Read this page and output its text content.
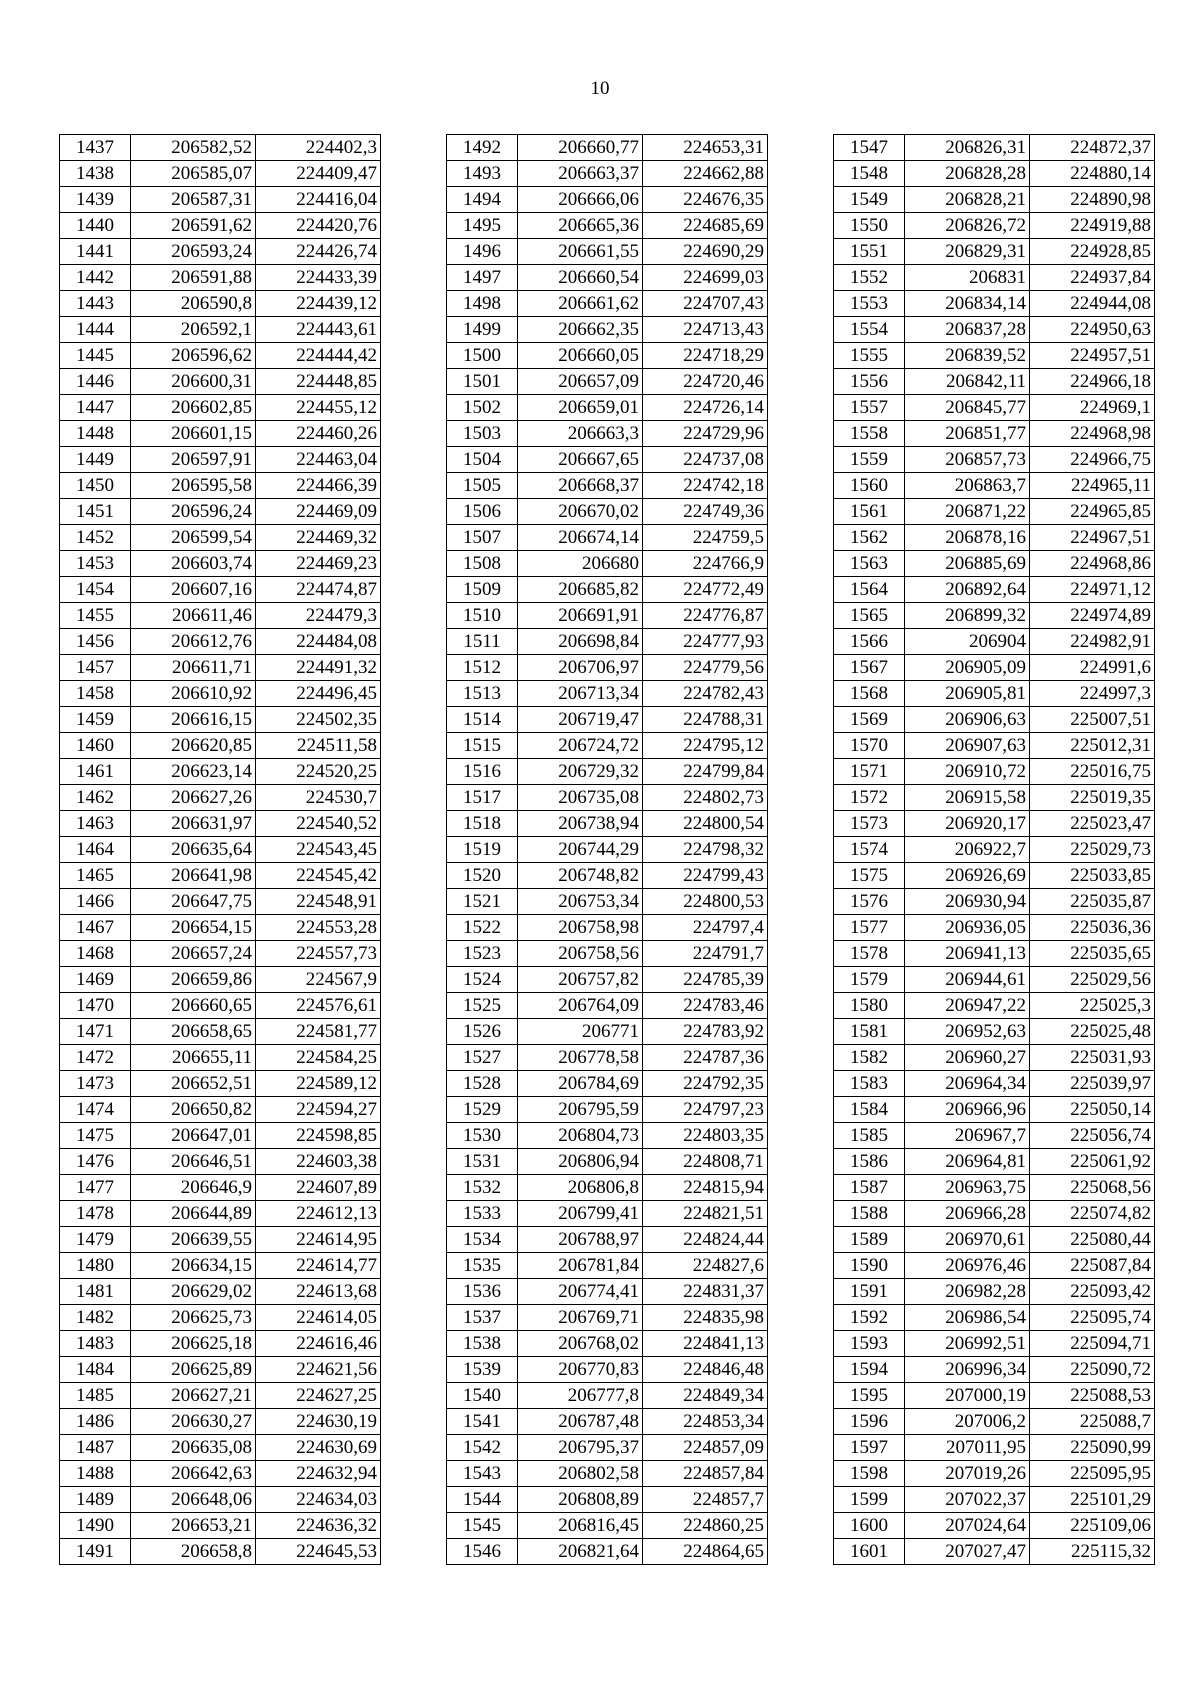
10
1437	206582,52	224402,3
1438	206585,07	224409,47
1439	206587,31	224416,04
1440	206591,62	224420,76
1441	206593,24	224426,74
1442	206591,88	224433,39
1443	206590,8	224439,12
1444	206592,1	224443,61
1445	206596,62	224444,42
1446	206600,31	224448,85
1447	206602,85	224455,12
1448	206601,15	224460,26
1449	206597,91	224463,04
1450	206595,58	224466,39
1451	206596,24	224469,09
1452	206599,54	224469,32
1453	206603,74	224469,23
1454	206607,16	224474,87
1455	206611,46	224479,3
1456	206612,76	224484,08
1457	206611,71	224491,32
1458	206610,92	224496,45
1459	206616,15	224502,35
1460	206620,85	224511,58
1461	206623,14	224520,25
1462	206627,26	224530,7
1463	206631,97	224540,52
1464	206635,64	224543,45
1465	206641,98	224545,42
1466	206647,75	224548,91
1467	206654,15	224553,28
1468	206657,24	224557,73
1469	206659,86	224567,9
1470	206660,65	224576,61
1471	206658,65	224581,77
1472	206655,11	224584,25
1473	206652,51	224589,12
1474	206650,82	224594,27
1475	206647,01	224598,85
1476	206646,51	224603,38
1477	206646,9	224607,89
1478	206644,89	224612,13
1479	206639,55	224614,95
1480	206634,15	224614,77
1481	206629,02	224613,68
1482	206625,73	224614,05
1483	206625,18	224616,46
1484	206625,89	224621,56
1485	206627,21	224627,25
1486	206630,27	224630,19
1487	206635,08	224630,69
1488	206642,63	224632,94
1489	206648,06	224634,03
1490	206653,21	224636,32
1491	206658,8	224645,53
1492	206660,77	224653,31
1493	206663,37	224662,88
1494	206666,06	224676,35
1495	206665,36	224685,69
1496	206661,55	224690,29
1497	206660,54	224699,03
1498	206661,62	224707,43
1499	206662,35	224713,43
1500	206660,05	224718,29
1501	206657,09	224720,46
1502	206659,01	224726,14
1503	206663,3	224729,96
1504	206667,65	224737,08
1505	206668,37	224742,18
1506	206670,02	224749,36
1507	206674,14	224759,5
1508	206680	224766,9
1509	206685,82	224772,49
1510	206691,91	224776,87
1511	206698,84	224777,93
1512	206706,97	224779,56
1513	206713,34	224782,43
1514	206719,47	224788,31
1515	206724,72	224795,12
1516	206729,32	224799,84
1517	206735,08	224802,73
1518	206738,94	224800,54
1519	206744,29	224798,32
1520	206748,82	224799,43
1521	206753,34	224800,53
1522	206758,98	224797,4
1523	206758,56	224791,7
1524	206757,82	224785,39
1525	206764,09	224783,46
1526	206771	224783,92
1527	206778,58	224787,36
1528	206784,69	224792,35
1529	206795,59	224797,23
1530	206804,73	224803,35
1531	206806,94	224808,71
1532	206806,8	224815,94
1533	206799,41	224821,51
1534	206788,97	224824,44
1535	206781,84	224827,6
1536	206774,41	224831,37
1537	206769,71	224835,98
1538	206768,02	224841,13
1539	206770,83	224846,48
1540	206777,8	224849,34
1541	206787,48	224853,34
1542	206795,37	224857,09
1543	206802,58	224857,84
1544	206808,89	224857,7
1545	206816,45	224860,25
1546	206821,64	224864,65
1547	206826,31	224872,37
1548	206828,28	224880,14
1549	206828,21	224890,98
1550	206826,72	224919,88
1551	206829,31	224928,85
1552	206831	224937,84
1553	206834,14	224944,08
1554	206837,28	224950,63
1555	206839,52	224957,51
1556	206842,11	224966,18
1557	206845,77	224969,1
1558	206851,77	224968,98
1559	206857,73	224966,75
1560	206863,7	224965,11
1561	206871,22	224965,85
1562	206878,16	224967,51
1563	206885,69	224968,86
1564	206892,64	224971,12
1565	206899,32	224974,89
1566	206904	224982,91
1567	206905,09	224991,6
1568	206905,81	224997,3
1569	206906,63	225007,51
1570	206907,63	225012,31
1571	206910,72	225016,75
1572	206915,58	225019,35
1573	206920,17	225023,47
1574	206922,7	225029,73
1575	206926,69	225033,85
1576	206930,94	225035,87
1577	206936,05	225036,36
1578	206941,13	225035,65
1579	206944,61	225029,56
1580	206947,22	225025,3
1581	206952,63	225025,48
1582	206960,27	225031,93
1583	206964,34	225039,97
1584	206966,96	225050,14
1585	206967,7	225056,74
1586	206964,81	225061,92
1587	206963,75	225068,56
1588	206966,28	225074,82
1589	206970,61	225080,44
1590	206976,46	225087,84
1591	206982,28	225093,42
1592	206986,54	225095,74
1593	206992,51	225094,71
1594	206996,34	225090,72
1595	207000,19	225088,53
1596	207006,2	225088,7
1597	207011,95	225090,99
1598	207019,26	225095,95
1599	207022,37	225101,29
1600	207024,64	225109,06
1601	207027,47	225115,32
